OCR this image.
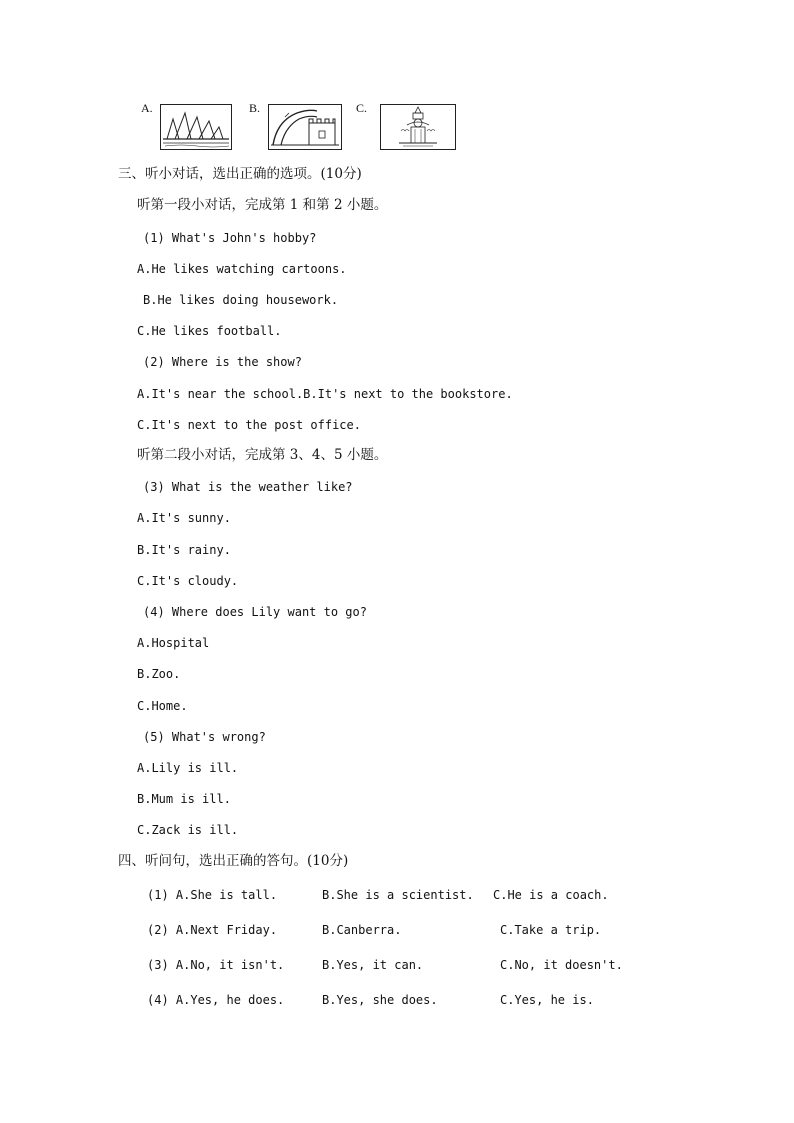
A.	B.	C.
三、听小对话，选出正确的选项。(10分)
听第一段小对话，完成第 1 和第 2 小题。
(1) What's John's hobby?
A.He likes watching cartoons.
B.He likes doing housework.
C.He likes football.
(2) Where is the show?
A.It's near the school.B.It's next to the bookstore.
C.It's next to the post office.
听第二段小对话，完成第 3、4、5 小题。
(3) What is the weather like?
A.It's sunny.
B.It's rainy.
C.It's cloudy.
(4) Where does Lily want to go?
A.Hospital
B.Zoo.
C.Home.
(5) What's wrong?
A.Lily is ill.
B.Mum is ill.
C.Zack is ill.
四、听问句，选出正确的答句。(10分)
(1) A.She is tall.	B.She is a scientist. C.He is a coach.
(2) A.Next Friday.	B.Canberra.	C.Take a trip.
(3) A.No, it isn't.	B.Yes, it can.	C.No, it doesn't.
(4) A.Yes, he does.	B.Yes, she does.	C.Yes, he is.
